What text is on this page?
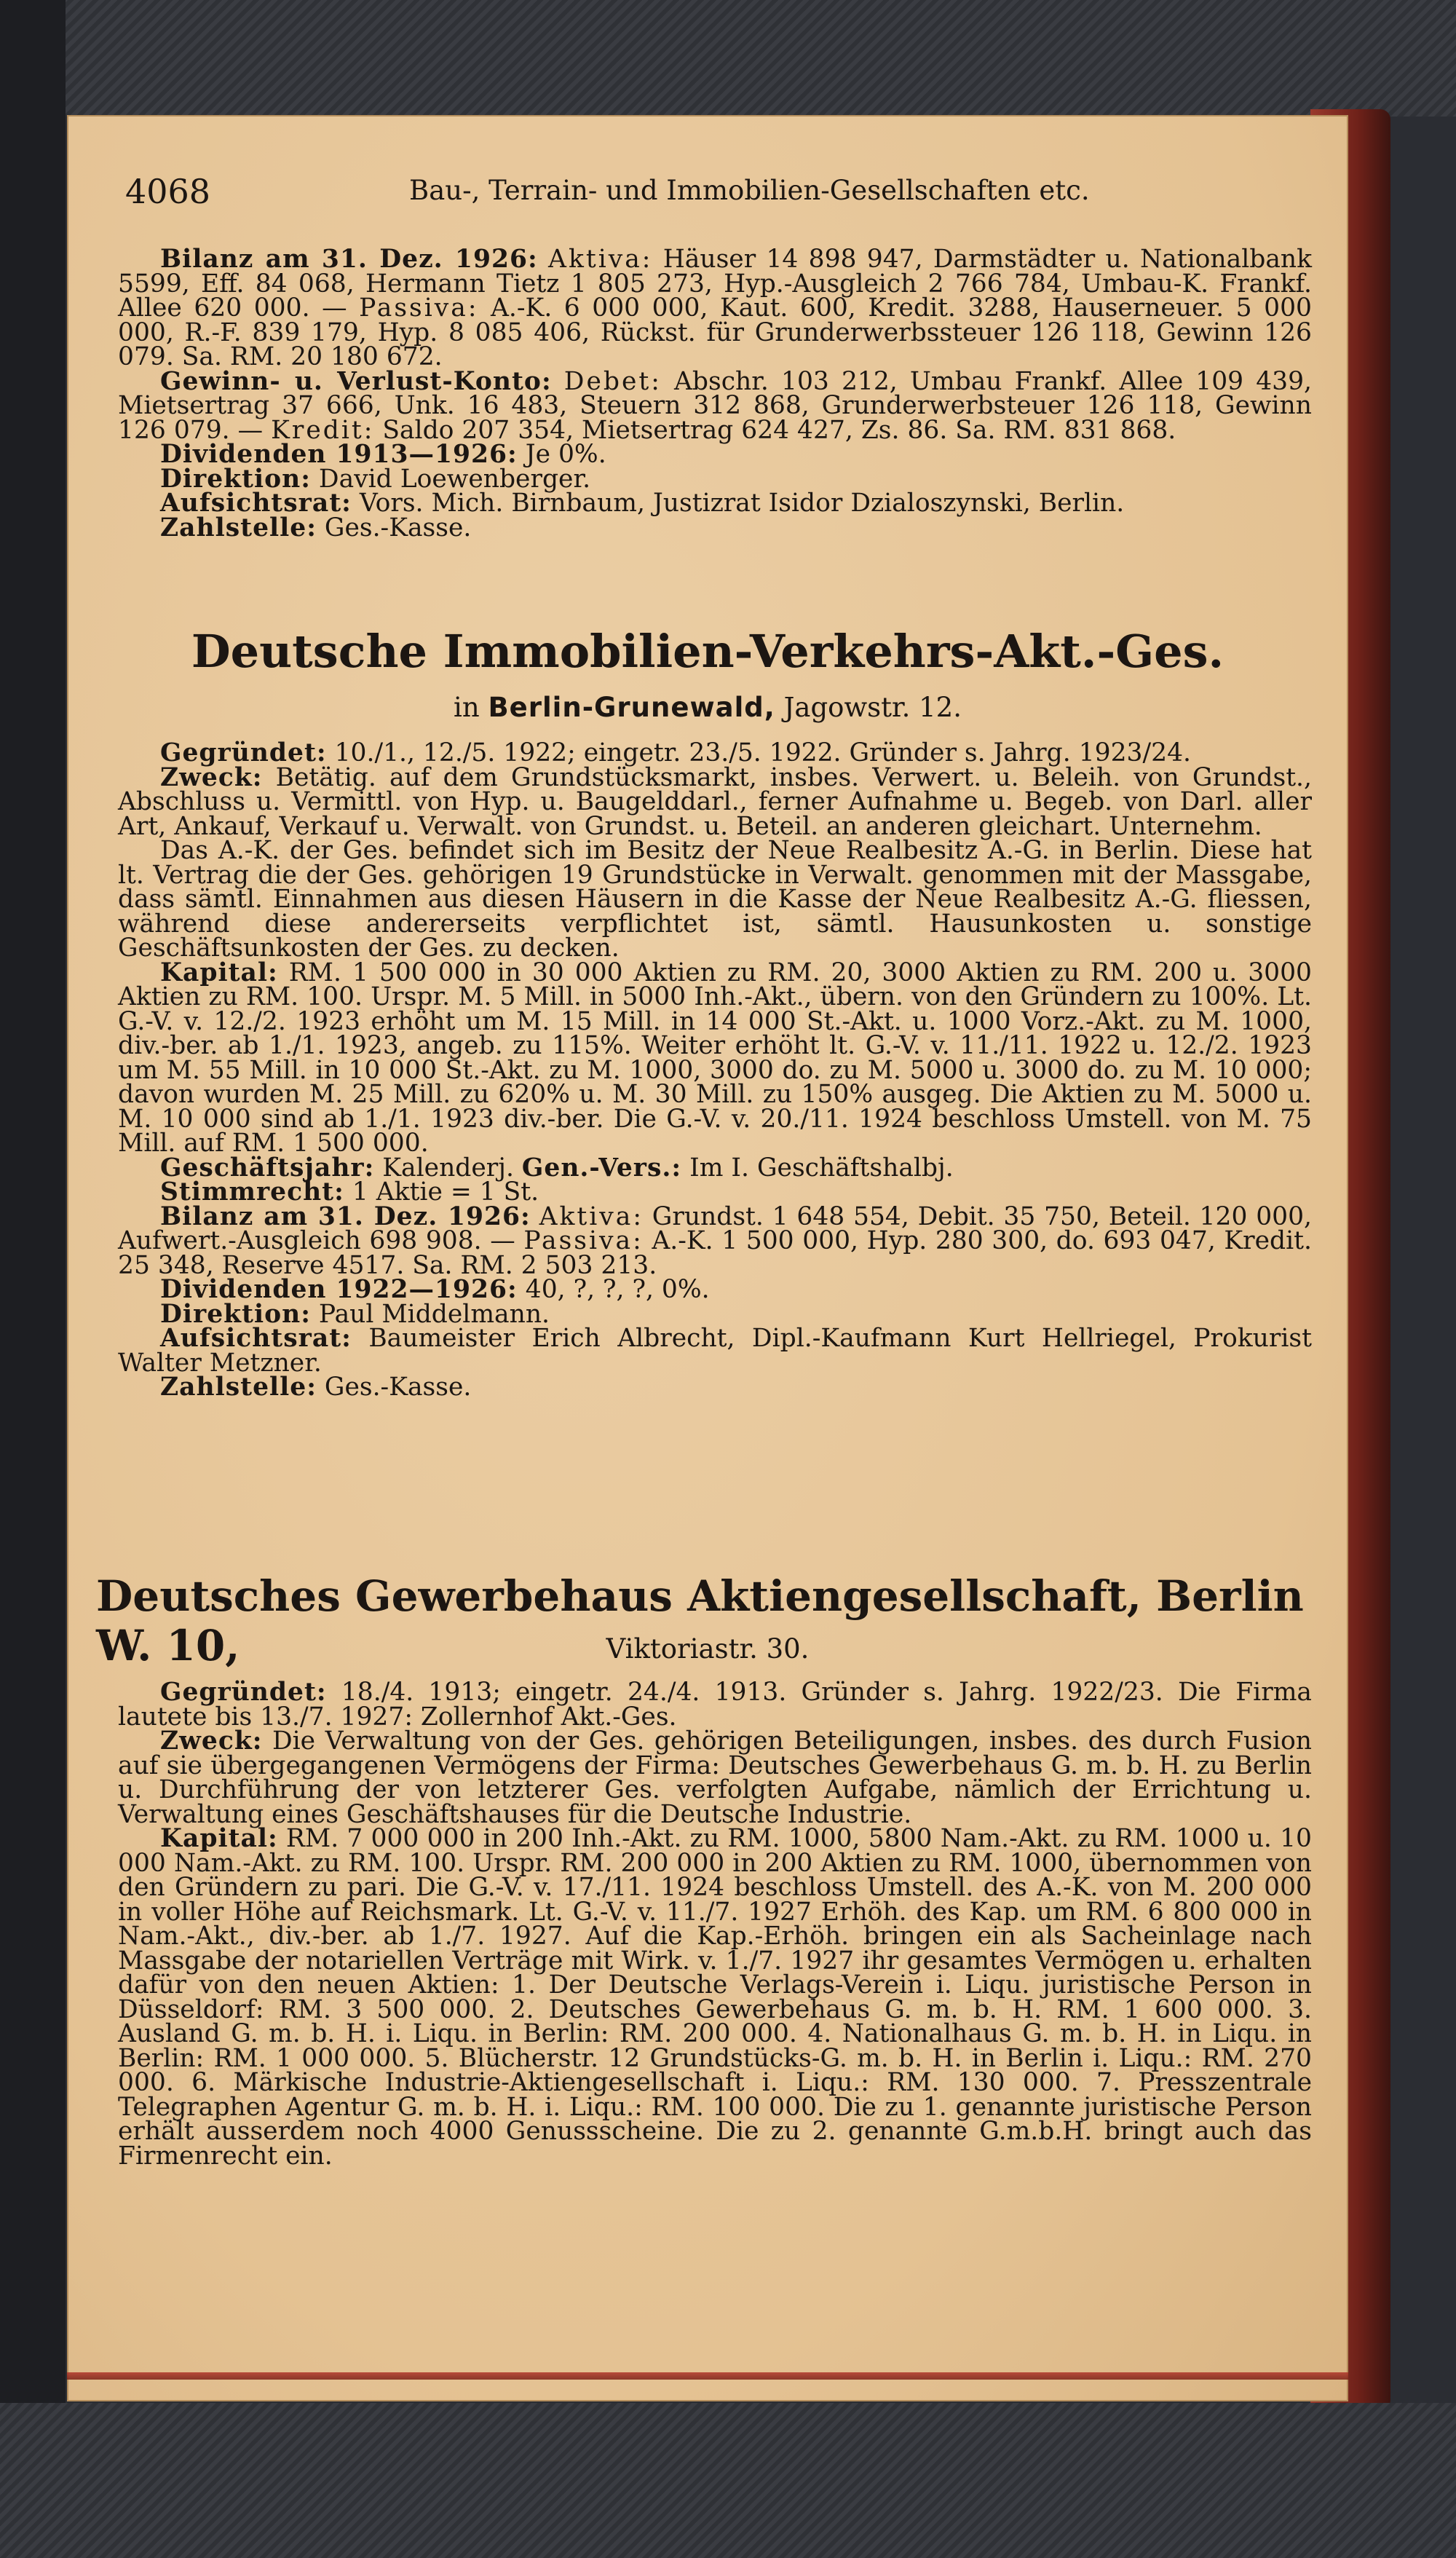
4068	Bau-, Terrain- und Immobilien-Gesellschaften etc.

Bilanz am 31. Dez. 1926: Aktiva: Häuser 14 898 947, Darmstädter u. Nationalbank 5599, Eff. 84 068, Hermann Tietz 1 805 273, Hyp.-Ausgleich 2 766 784, Umbau-K. Frankf. Allee 620 000. — Passiva: A.-K. 6 000 000, Kaut. 600, Kredit. 3288, Hauserneuer. 5 000 000, R.-F. 839 179, Hyp. 8 085 406, Rückst. für Grunderwerbssteuer 126 118, Gewinn 126 079. Sa. RM. 20 180 672.

Gewinn- u. Verlust-Konto: Debet: Abschr. 103 212, Umbau Frankf. Allee 109 439, Mietsertrag 37 666, Unk. 16 483, Steuern 312 868, Grunderwerbsteuer 126 118, Gewinn 126 079. — Kredit: Saldo 207 354, Mietsertrag 624 427, Zs. 86. Sa. RM. 831 868.

Dividenden 1913—1926: Je 0%.

Direktion: David Loewenberger.

Aufsichtsrat: Vors. Mich. Birnbaum, Justizrat Isidor Dzialoszynski, Berlin.

Zahlstelle: Ges.-Kasse.

Deutsche Immobilien-Verkehrs-Akt.-Ges.
in Berlin-Grunewald, Jagowstr. 12.

Gegründet: 10./1., 12./5. 1922; eingetr. 23./5. 1922. Gründer s. Jahrg. 1923/24.

Zweck: Betätig. auf dem Grundstücksmarkt, insbes. Verwert. u. Beleih. von Grundst., Abschluss u. Vermittl. von Hyp. u. Baugelddarl., ferner Aufnahme u. Begeb. von Darl. aller Art, Ankauf, Verkauf u. Verwalt. von Grundst. u. Beteil. an anderen gleichart. Unternehm.

Das A.-K. der Ges. befindet sich im Besitz der Neue Realbesitz A.-G. in Berlin. Diese hat lt. Vertrag die der Ges. gehörigen 19 Grundstücke in Verwalt. genommen mit der Massgabe, dass sämtl. Einnahmen aus diesen Häusern in die Kasse der Neue Realbesitz A.-G. fliessen, während diese andererseits verpflichtet ist, sämtl. Hausunkosten u. sonstige Geschäftsunkosten der Ges. zu decken.

Kapital: RM. 1 500 000 in 30 000 Aktien zu RM. 20, 3000 Aktien zu RM. 200 u. 3000 Aktien zu RM. 100. Urspr. M. 5 Mill. in 5000 Inh.-Akt., übern. von den Gründern zu 100%. Lt. G.-V. v. 12./2. 1923 erhöht um M. 15 Mill. in 14 000 St.-Akt. u. 1000 Vorz.-Akt. zu M. 1000, div.-ber. ab 1./1. 1923, angeb. zu 115%. Weiter erhöht lt. G.-V. v. 11./11. 1922 u. 12./2. 1923 um M. 55 Mill. in 10 000 St.-Akt. zu M. 1000, 3000 do. zu M. 5000 u. 3000 do. zu M. 10 000; davon wurden M. 25 Mill. zu 620% u. M. 30 Mill. zu 150% ausgeg. Die Aktien zu M. 5000 u. M. 10 000 sind ab 1./1. 1923 div.-ber. Die G.-V. v. 20./11. 1924 beschloss Umstell. von M. 75 Mill. auf RM. 1 500 000.

Geschäftsjahr: Kalenderj. Gen.-Vers.: Im I. Geschäftshalbj.

Stimmrecht: 1 Aktie = 1 St.

Bilanz am 31. Dez. 1926: Aktiva: Grundst. 1 648 554, Debit. 35 750, Beteil. 120 000, Aufwert.-Ausgleich 698 908. — Passiva: A.-K. 1 500 000, Hyp. 280 300, do. 693 047, Kredit. 25 348, Reserve 4517. Sa. RM. 2 503 213.

Dividenden 1922—1926: 40, ?, ?, ?, 0%.

Direktion: Paul Middelmann.

Aufsichtsrat: Baumeister Erich Albrecht, Dipl.-Kaufmann Kurt Hellriegel, Prokurist Walter Metzner.

Zahlstelle: Ges.-Kasse.

Deutsches Gewerbehaus Aktiengesellschaft, Berlin W. 10,	Viktoriastr. 30.

Gegründet: 18./4. 1913; eingetr. 24./4. 1913. Gründer s. Jahrg. 1922/23. Die Firma lautete bis 13./7. 1927: Zollernhof Akt.-Ges.

Zweck: Die Verwaltung von der Ges. gehörigen Beteiligungen, insbes. des durch Fusion auf sie übergegangenen Vermögens der Firma: Deutsches Gewerbehaus G. m. b. H. zu Berlin u. Durchführung der von letzterer Ges. verfolgten Aufgabe, nämlich der Errichtung u. Verwaltung eines Geschäftshauses für die Deutsche Industrie.

Kapital: RM. 7 000 000 in 200 Inh.-Akt. zu RM. 1000, 5800 Nam.-Akt. zu RM. 1000 u. 10 000 Nam.-Akt. zu RM. 100. Urspr. RM. 200 000 in 200 Aktien zu RM. 1000, übernommen von den Gründern zu pari. Die G.-V. v. 17./11. 1924 beschloss Umstell. des A.-K. von M. 200 000 in voller Höhe auf Reichsmark. Lt. G.-V. v. 11./7. 1927 Erhöh. des Kap. um RM. 6 800 000 in Nam.-Akt., div.-ber. ab 1./7. 1927. Auf die Kap.-Erhöh. bringen ein als Sacheinlage nach Massgabe der notariellen Verträge mit Wirk. v. 1./7. 1927 ihr gesamtes Vermögen u. erhalten dafür von den neuen Aktien: 1. Der Deutsche Verlags-Verein i. Liqu. juristische Person in Düsseldorf: RM. 3 500 000. 2. Deutsches Gewerbehaus G. m. b. H. RM. 1 600 000. 3. Ausland G. m. b. H. i. Liqu. in Berlin: RM. 200 000. 4. Nationalhaus G. m. b. H. in Liqu. in Berlin: RM. 1 000 000. 5. Blücherstr. 12 Grundstücks-G. m. b. H. in Berlin i. Liqu.: RM. 270 000. 6. Märkische Industrie-Aktiengesellschaft i. Liqu.: RM. 130 000. 7. Presszentrale Telegraphen Agentur G. m. b. H. i. Liqu.: RM. 100 000. Die zu 1. genannte juristische Person erhält ausserdem noch 4000 Genussscheine. Die zu 2. genannte G.m.b.H. bringt auch das Firmenrecht ein.
